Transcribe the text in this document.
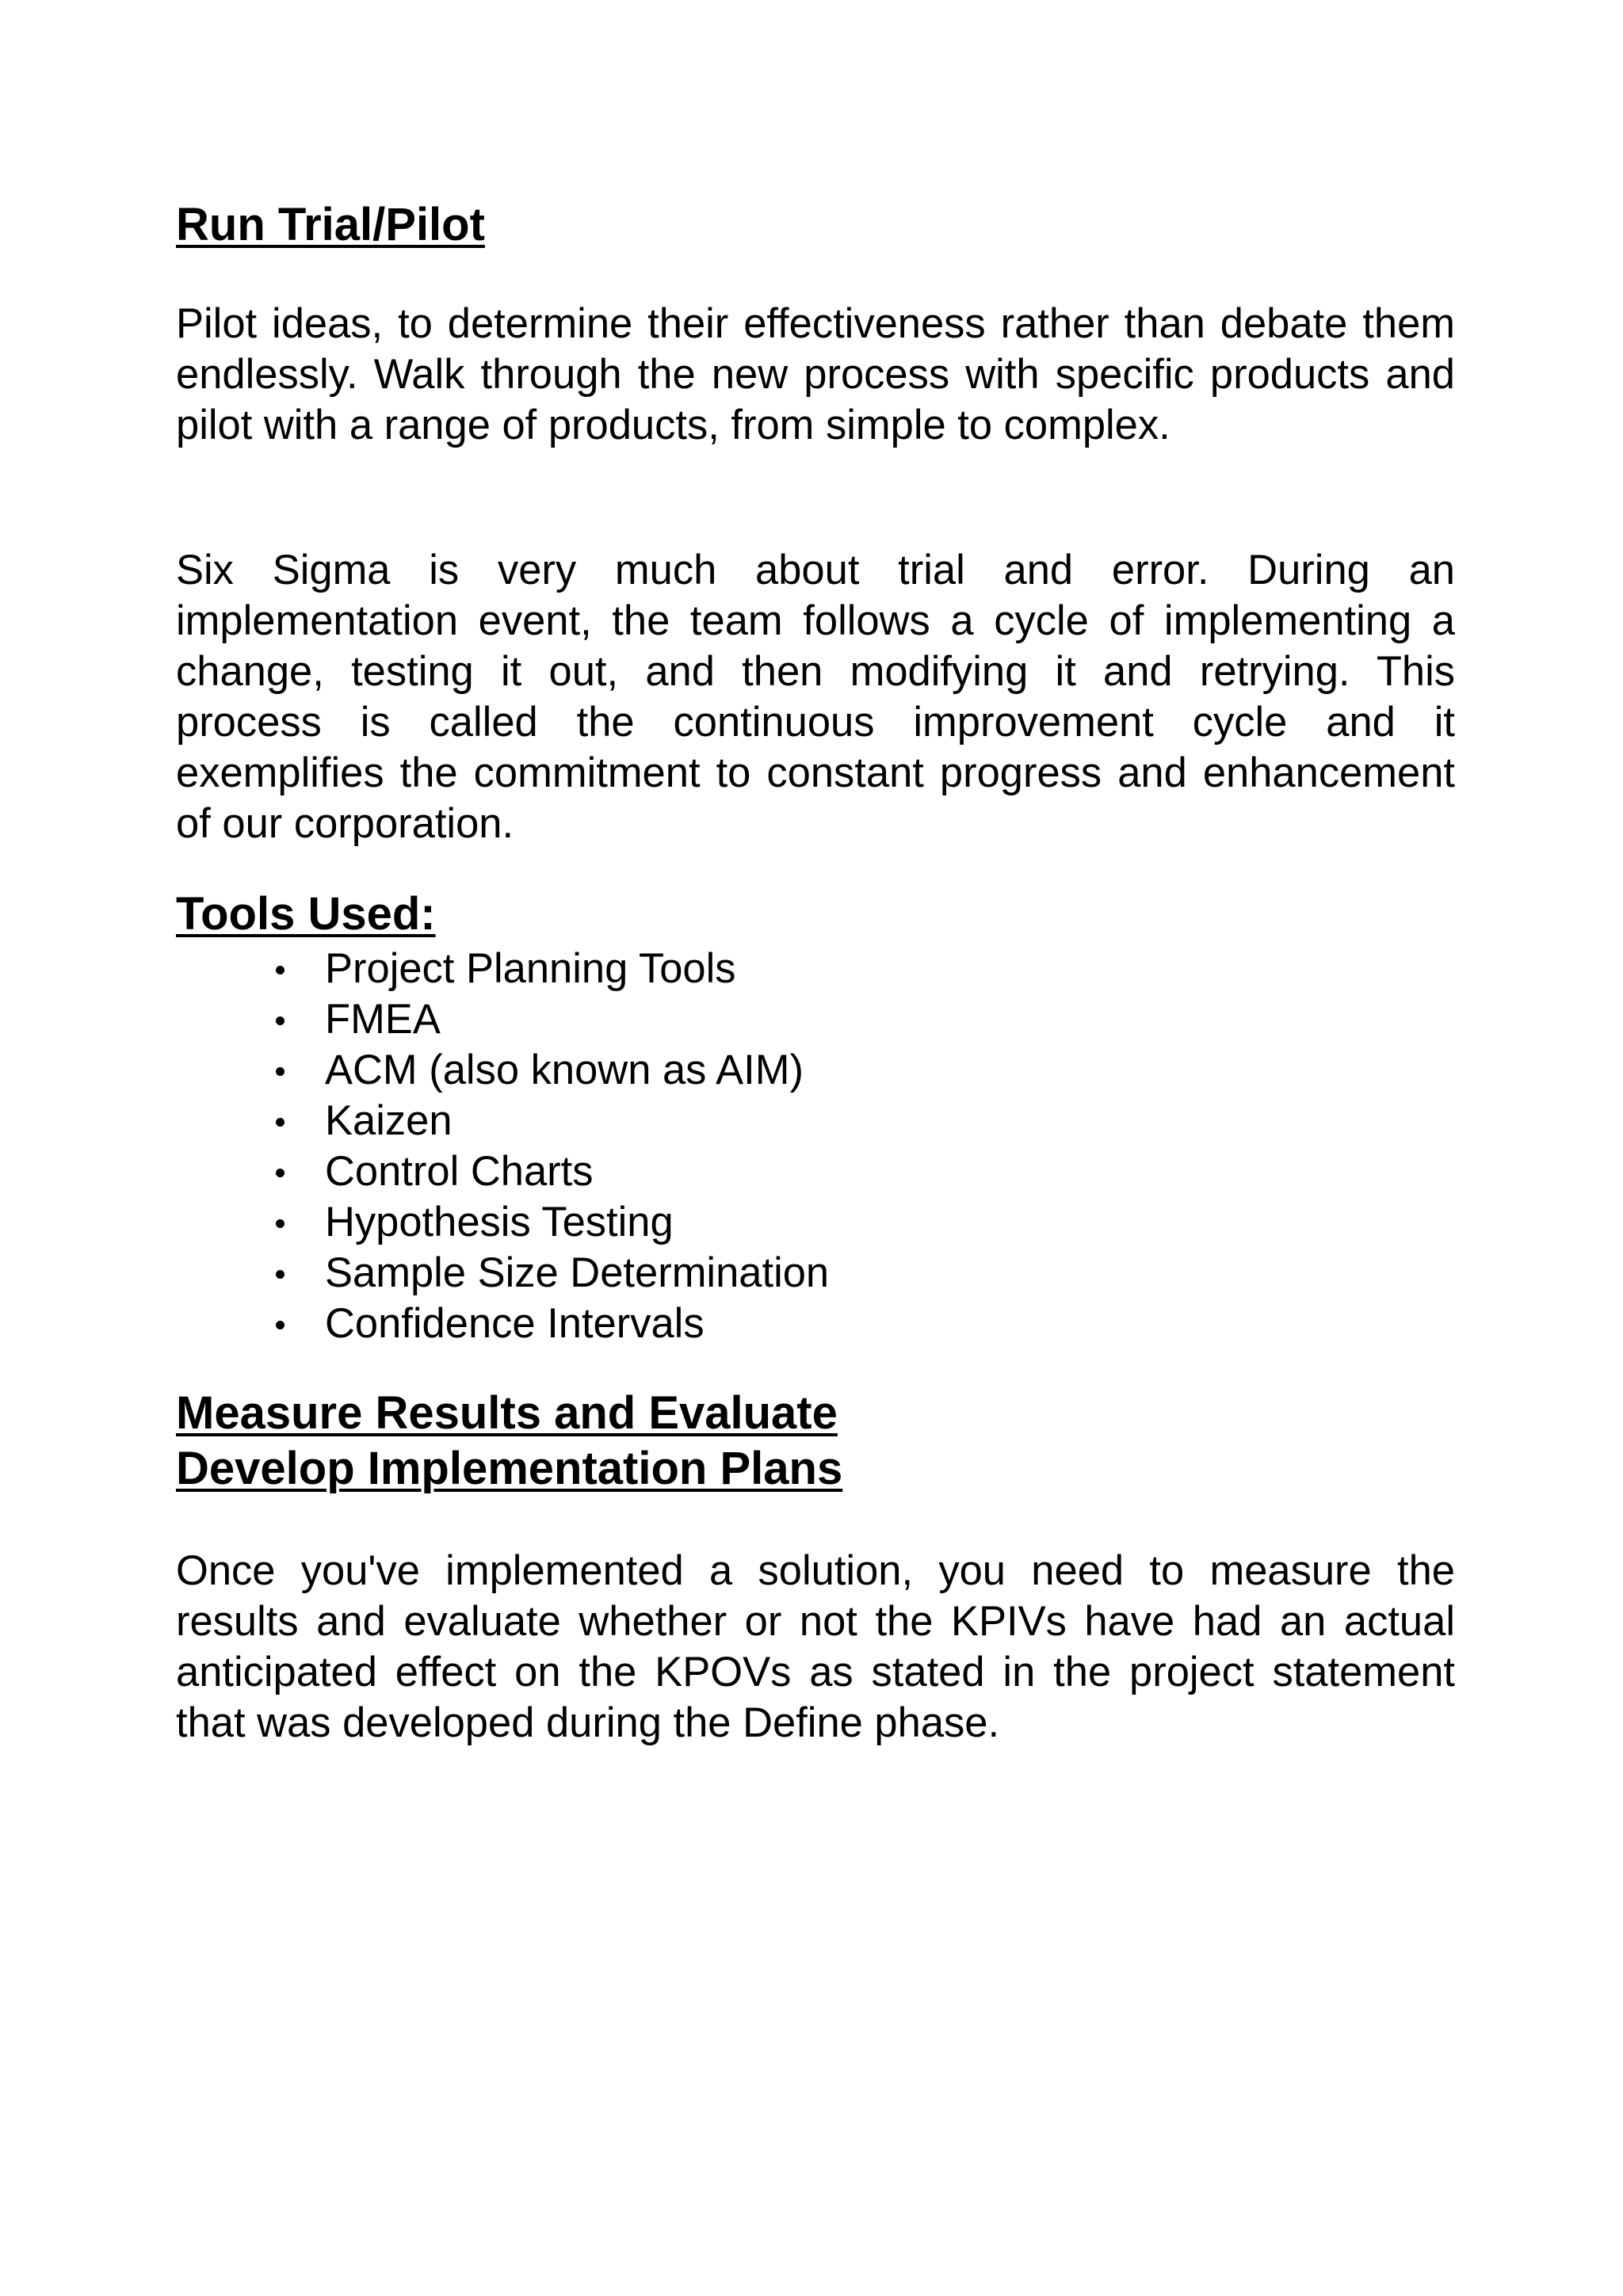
Run Trial/Pilot

Pilot ideas, to determine their effectiveness rather than debate them endlessly. Walk through the new process with specific products and pilot with a range of products, from simple to complex.

Six Sigma is very much about trial and error. During an implementation event, the team follows a cycle of implementing a change, testing it out, and then modifying it and retrying. This process is called the continuous improvement cycle and it exemplifies the commitment to constant progress and enhancement of our corporation.

Tools Used:
Project Planning Tools
FMEA
ACM (also known as AIM)
Kaizen
Control Charts
Hypothesis Testing
Sample Size Determination
Confidence Intervals
Measure Results and Evaluate
Develop Implementation Plans

Once you've implemented a solution, you need to measure the results and evaluate whether or not the KPIVs have had an actual anticipated effect on the KPOVs as stated in the project statement that was developed during the Define phase.
